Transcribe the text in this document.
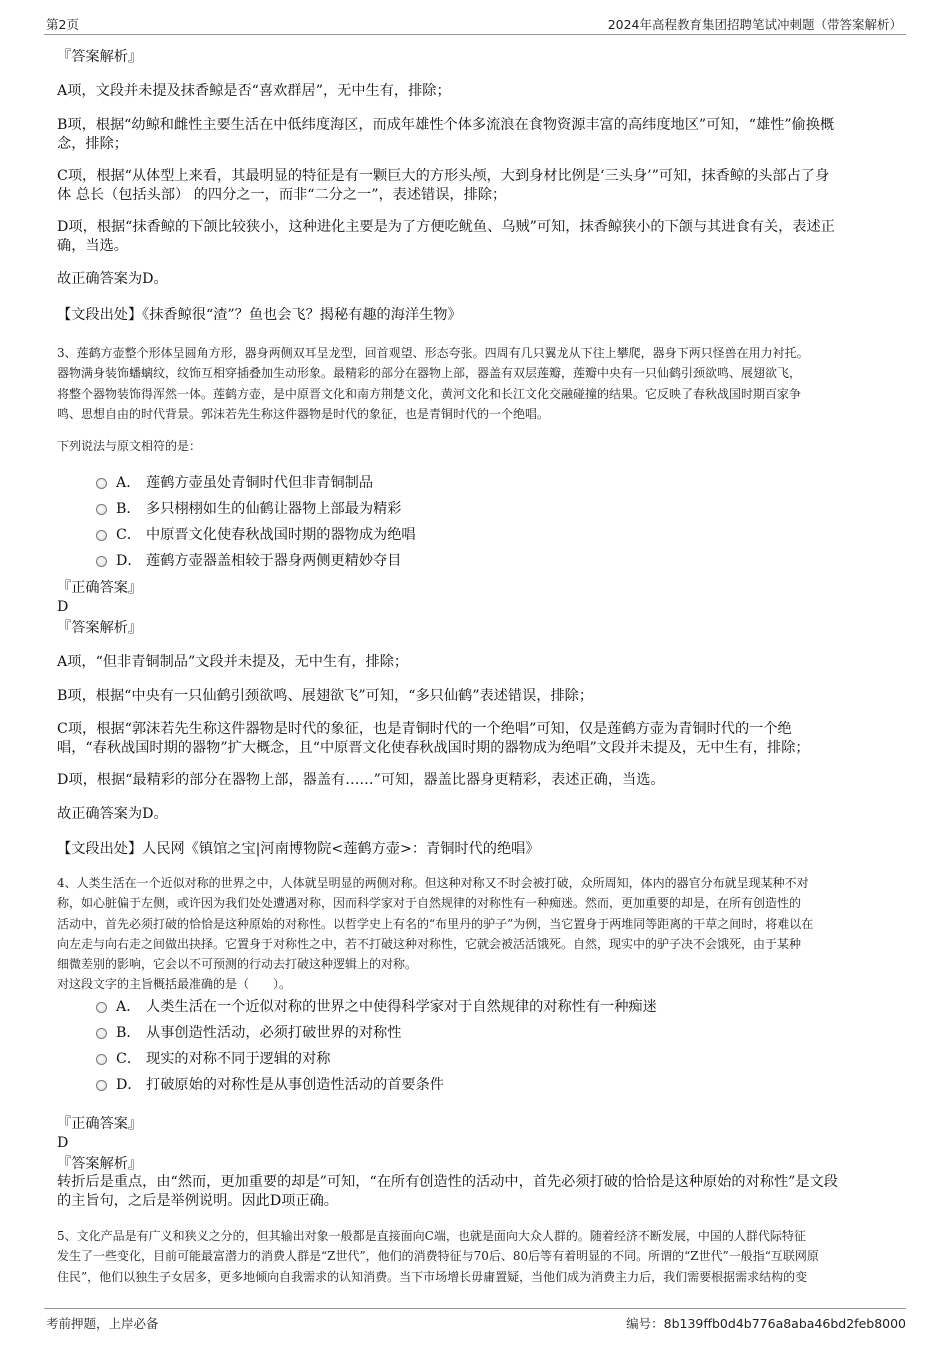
第2页	2024年高程教育集团招聘笔试冲刺题（带答案解析）
『答案解析』
A项，文段并未提及抹香鲸是否“喜欢群居”，无中生有，排除；
B项，根据“幼鲸和雌性主要生活在中低纬度海区，而成年雄性个体多流浪在食物资源丰富的高纬度地区”可知，“雄性”偷换概
念，排除；
C项，根据“从体型上来看，其最明显的特征是有一颗巨大的方形头颅，大到身材比例是‘三头身’”可知，抹香鲸的头部占了身
体 总长（包括头部） 的四分之一，而非“二分之一”，表述错误，排除；
D项，根据“抹香鲸的下颌比较狭小，这种进化主要是为了方便吃鱿鱼、乌贼”可知，抹香鲸狭小的下颌与其进食有关，表述正
确，当选。
故正确答案为D。
【文段出处】《抹香鲸很“渣”？鱼也会飞？揭秘有趣的海洋生物》
3、莲鹤方壶整个形体呈圆角方形，器身两侧双耳呈龙型，回首观望、形态夸张。四周有几只翼龙从下往上攀爬，器身下两只怪兽在用力衬托。
器物满身装饰蟠螭纹，纹饰互相穿插叠加生动形象。最精彩的部分在器物上部，器盖有双层莲瓣，莲瓣中央有一只仙鹤引颈欲鸣、展翅欲飞，
将整个器物装饰得浑然一体。莲鹤方壶，是中原晋文化和南方荆楚文化，黄河文化和长江文化交融碰撞的结果。它反映了春秋战国时期百家争
鸣、思想自由的时代背景。郭沫若先生称这件器物是时代的象征，也是青铜时代的一个绝唱。
下列说法与原文相符的是：
A． 莲鹤方壶虽处青铜时代但非青铜制品
B． 多只栩栩如生的仙鹤让器物上部最为精彩
C． 中原晋文化使春秋战国时期的器物成为绝唱
D． 莲鹤方壶器盖相较于器身两侧更精妙夺目
『正确答案』
D
『答案解析』
A项，“但非青铜制品”文段并未提及，无中生有，排除；
B项，根据“中央有一只仙鹤引颈欲鸣、展翅欲飞”可知，“多只仙鹤”表述错误，排除；
C项，根据“郭沫若先生称这件器物是时代的象征，也是青铜时代的一个绝唱”可知，仅是莲鹤方壶为青铜时代的一个绝
唱，“春秋战国时期的器物”扩大概念，且“中原晋文化使春秋战国时期的器物成为绝唱”文段并未提及，无中生有，排除；
D项，根据“最精彩的部分在器物上部，器盖有……”可知，器盖比器身更精彩，表述正确，当选。
故正确答案为D。
【文段出处】人民网《镇馆之宝|河南博物院<莲鹤方壶>：青铜时代的绝唱》
4、人类生活在一个近似对称的世界之中，人体就呈明显的两侧对称。但这种对称又不时会被打破，众所周知，体内的器官分布就呈现某种不对
称，如心脏偏于左侧，或许因为我们处处遭遇对称，因而科学家对于自然规律的对称性有一种痴迷。然而，更加重要的却是，在所有创造性的
活动中，首先必须打破的恰恰是这种原始的对称性。以哲学史上有名的“布里丹的驴子”为例，当它置身于两堆同等距离的干草之间时，将难以在
向左走与向右走之间做出抉择。它置身于对称性之中，若不打破这种对称性，它就会被活活饿死。自然，现实中的驴子决不会饿死，由于某种
细微差别的影响，它会以不可预测的行动去打破这种逻辑上的对称。
对这段文字的主旨概括最准确的是（　　）。
A． 人类生活在一个近似对称的世界之中使得科学家对于自然规律的对称性有一种痴迷
B． 从事创造性活动，必须打破世界的对称性
C． 现实的对称不同于逻辑的对称
D． 打破原始的对称性是从事创造性活动的首要条件
『正确答案』
D
『答案解析』
转折后是重点，由“然而，更加重要的却是”可知，“在所有创造性的活动中，首先必须打破的恰恰是这种原始的对称性”是文段
的主旨句，之后是举例说明。因此D项正确。
5、文化产品是有广义和狭义之分的，但其输出对象一般都是直接面向C端，也就是面向大众人群的。随着经济不断发展，中国的人群代际特征
发生了一些变化，目前可能最富潜力的消费人群是“Z世代”，他们的消费特征与70后、80后等有着明显的不同。所谓的“Z世代”一般指“互联网原
住民”，他们以独生子女居多，更多地倾向自我需求的认知消费。当下市场增长毋庸置疑，当他们成为消费主力后，我们需要根据需求结构的变
考前押题，上岸必备	编号：8b139ffb0d4b776a8aba46bd2feb8000
